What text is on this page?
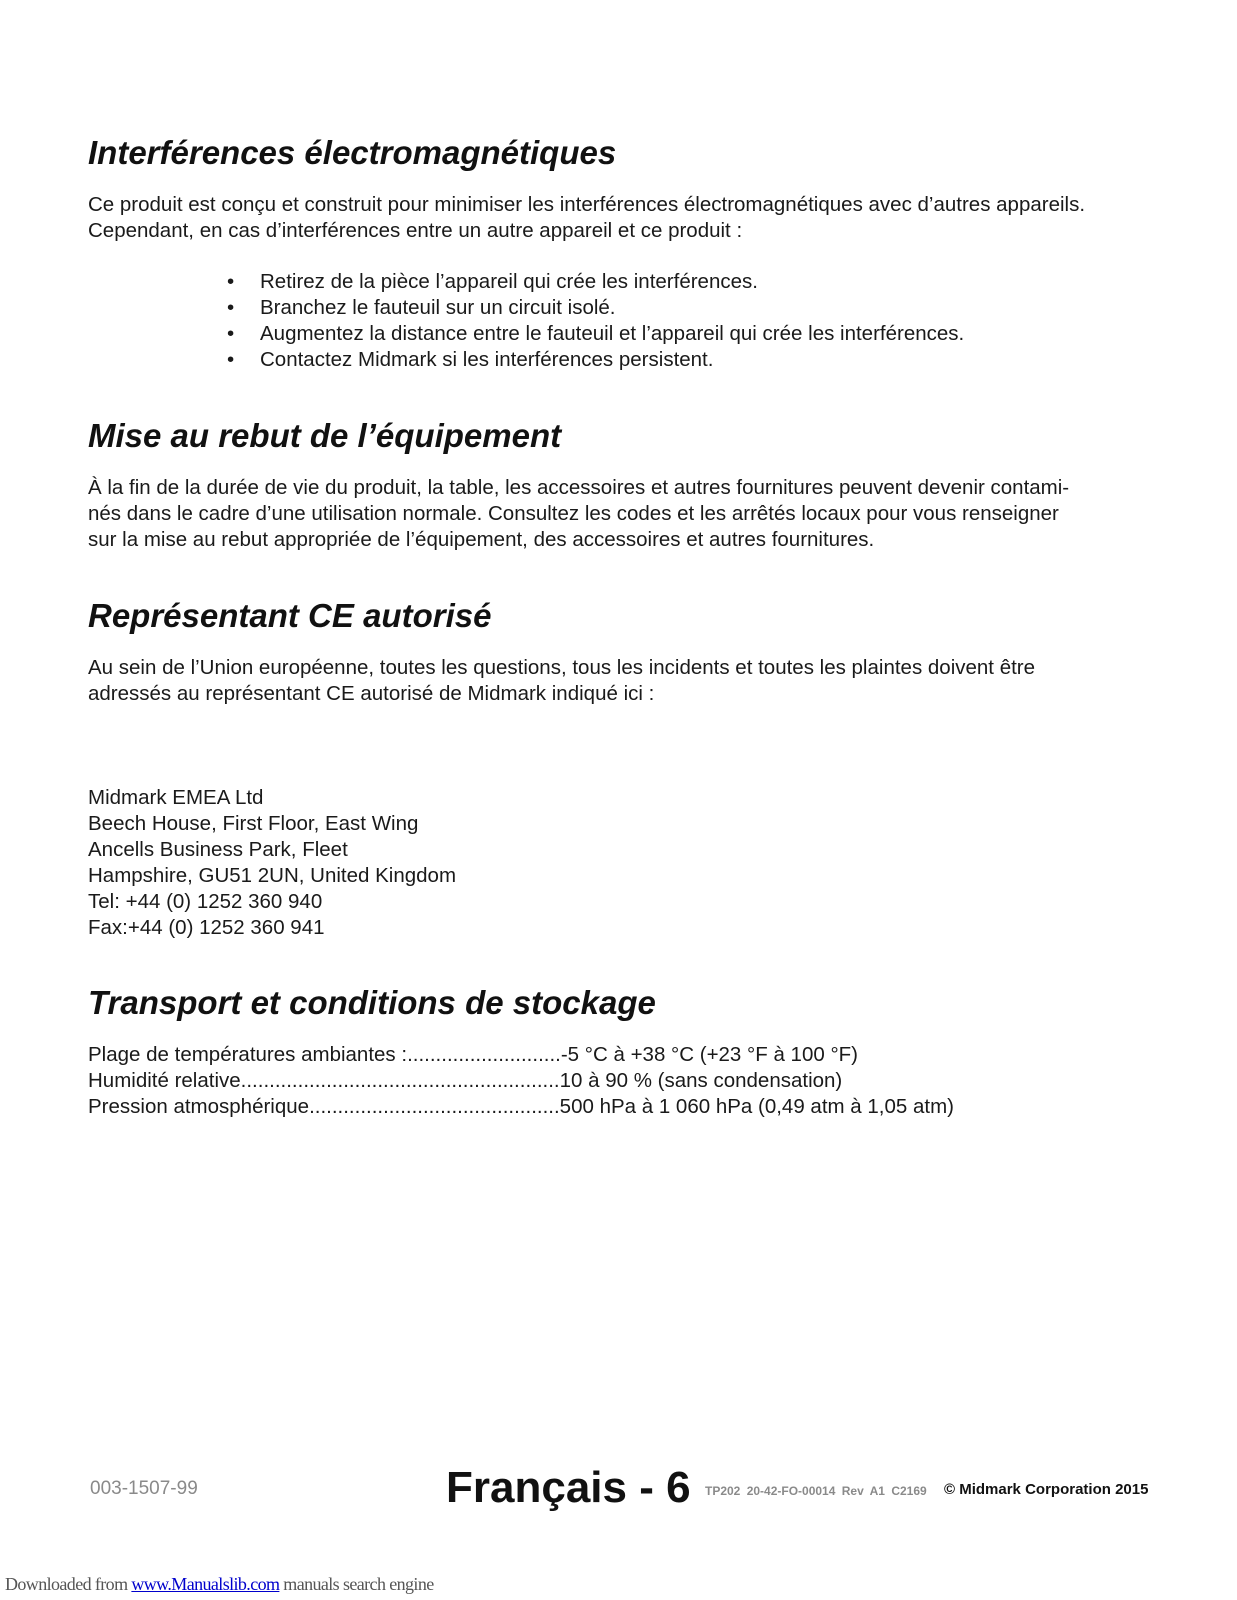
Interférences électromagnétiques

Ce produit est conçu et construit pour minimiser les interférences électromagnétiques avec d’autres appareils.

Cependant, en cas d’interférences entre un autre appareil et ce produit :

• Retirez de la pièce l’appareil qui crée les interférences.
• Branchez le fauteuil sur un circuit isolé.
• Augmentez la distance entre le fauteuil et l’appareil qui crée les interférences.
• Contactez Midmark si les interférences persistent.
Mise au rebut de l’équipement

À la fin de la durée de vie du produit, la table, les accessoires et autres fournitures peuvent devenir contami-

nés dans le cadre d’une utilisation normale. Consultez les codes et les arrêtés locaux pour vous renseigner

sur la mise au rebut appropriée de l’équipement, des accessoires et autres fournitures.

Représentant CE autorisé

Au sein de l’Union européenne, toutes les questions, tous les incidents et toutes les plaintes doivent être

adressés au représentant CE autorisé de Midmark indiqué ici :

Midmark EMEA Ltd
Beech House, First Floor, East Wing
Ancells Business Park, Fleet
Hampshire, GU51 2UN, United Kingdom
Tel: +44 (0) 1252 360 940
Fax:+44 (0) 1252 360 941
Transport et conditions de stockage
Plage de températures ambiantes :...........................-5 °C à +38 °C (+23 °F à 100 °F)
Humidité relative........................................................10 à 90 % (sans condensation)
Pression atmosphérique............................................500 hPa à 1 060 hPa (0,49 atm à 1,05 atm)
003-1507-99	Français - 6 TP202 20-42-FO-00014 Rev A1 C2169 © Midmark Corporation 2015
Downloaded from www.Manualslib.com manuals search engine
